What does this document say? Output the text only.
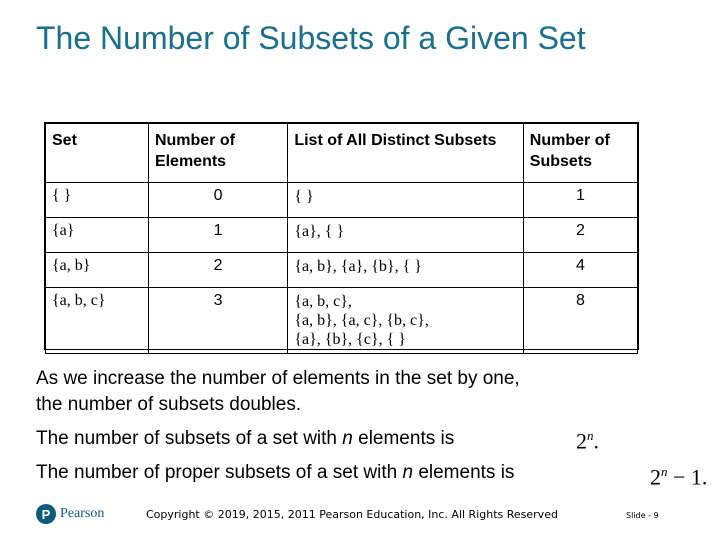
The Number of Subsets of a Given Set
Set	Number of Elements	List of All Distinct Subsets	Number of Subsets
{ }	0	{ }	1
{a}	1	{a}, { }	2
{a, b}	2	{a, b}, {a}, {b}, { }	4
{a, b, c}	3	{a, b, c},
{a, b}, {a, c}, {b, c},
{a}, {b}, {c}, { }	8

As we increase the number of elements in the set by one,

the number of subsets doubles.

The number of subsets of a set with n elements is

The number of proper subsets of a set with n elements is

2$^n$.
$2^n - 1$.
P Pearson	Copyright © 2019, 2015, 2011 Pearson Education, Inc. All Rights Reserved	Slide - 9
